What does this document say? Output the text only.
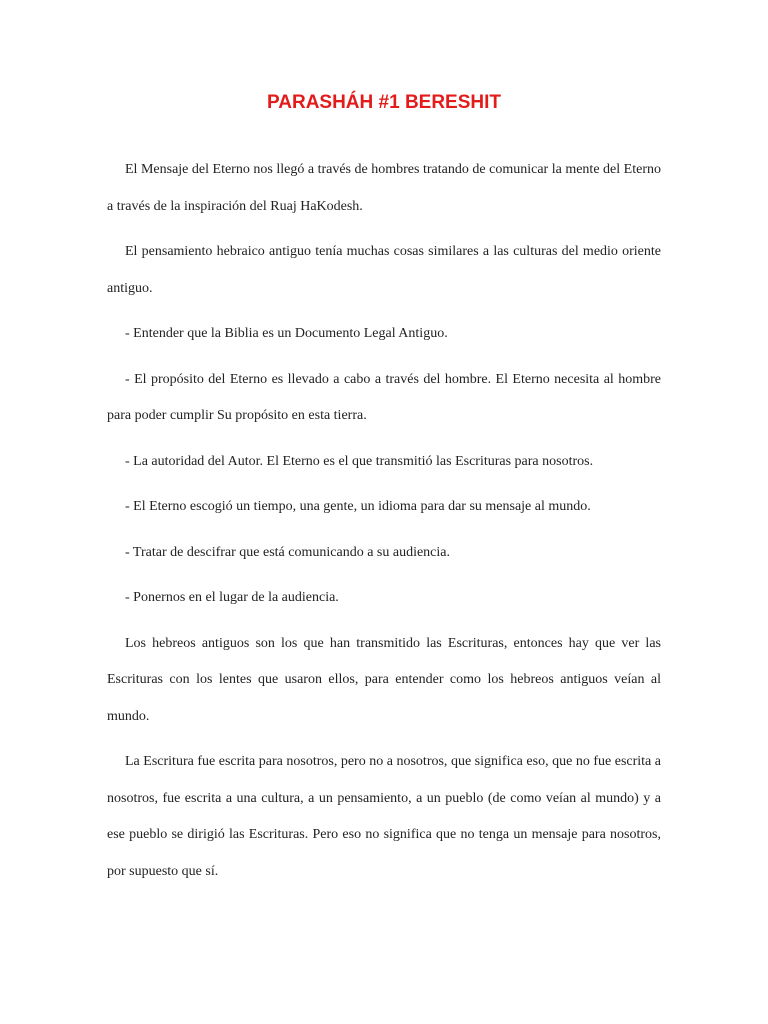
PARASHÁH #1 BERESHIT

El Mensaje del Eterno nos llegó a través de hombres tratando de comunicar la mente del Eterno a través de la inspiración del Ruaj HaKodesh.

El pensamiento hebraico antiguo tenía muchas cosas similares a las culturas del medio oriente antiguo.

- Entender que la Biblia es un Documento Legal Antiguo.

- El propósito del Eterno es llevado a cabo a través del hombre. El Eterno necesita al hombre para poder cumplir Su propósito en esta tierra.

- La autoridad del Autor. El Eterno es el que transmitió las Escrituras para nosotros.

- El Eterno escogió un tiempo, una gente, un idioma para dar su mensaje al mundo.

- Tratar de descifrar que está comunicando a su audiencia.

- Ponernos en el lugar de la audiencia.

Los hebreos antiguos son los que han transmitido las Escrituras, entonces hay que ver las Escrituras con los lentes que usaron ellos, para entender como los hebreos antiguos veían al mundo.

La Escritura fue escrita para nosotros, pero no a nosotros, que significa eso, que no fue escrita a nosotros, fue escrita a una cultura, a un pensamiento, a un pueblo (de como veían al mundo) y a ese pueblo se dirigió las Escrituras. Pero eso no significa que no tenga un mensaje para nosotros, por supuesto que sí.
